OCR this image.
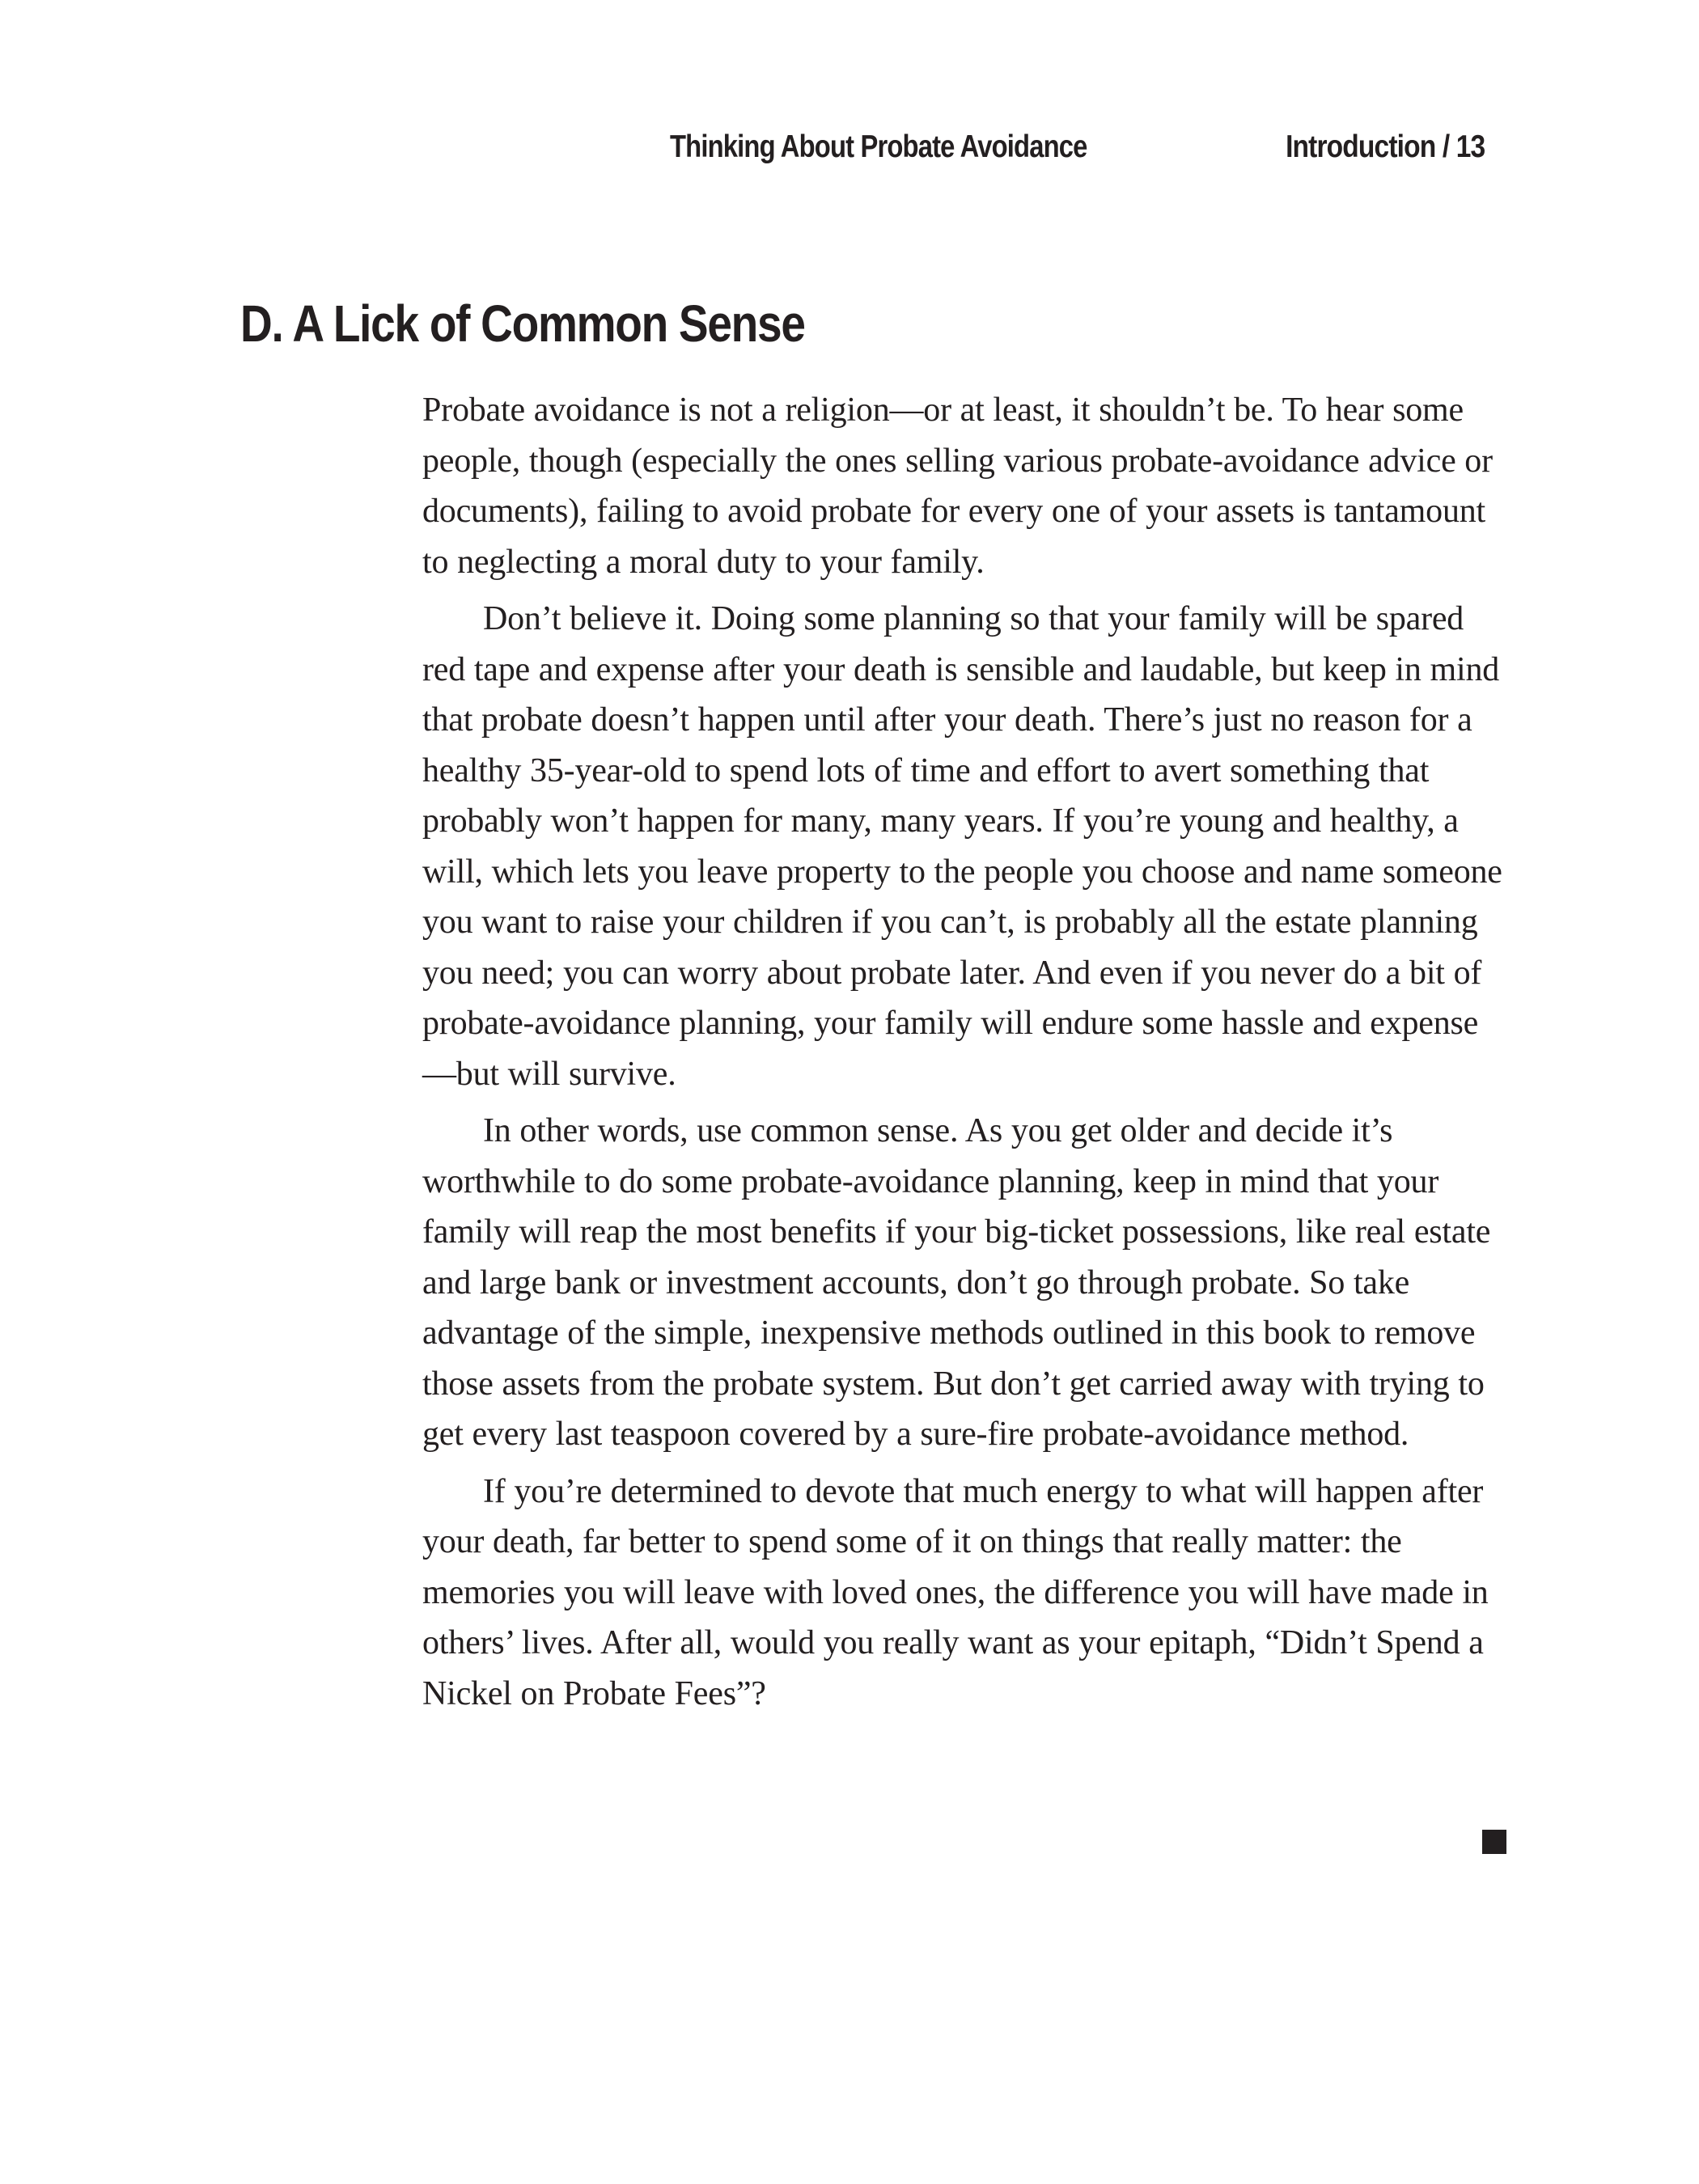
Thinking About Probate Avoidance	Introduction / 13
D. A Lick of Common Sense

Probate avoidance is not a religion—or at least, it shouldn’t be. To hear some people, though (especially the ones selling various probate-avoidance advice or documents), failing to avoid probate for every one of your assets is tantamount to neglecting a moral duty to your family.

Don’t believe it. Doing some planning so that your family will be spared red tape and expense after your death is sensible and laudable, but keep in mind that probate doesn’t happen until after your death. There’s just no reason for a healthy 35-year-old to spend lots of time and effort to avert something that probably won’t happen for many, many years. If you’re young and healthy, a will, which lets you leave property to the people you choose and name someone you want to raise your children if you can’t, is probably all the estate planning you need; you can worry about probate later. And even if you never do a bit of probate-avoidance planning, your family will endure some hassle and expense—but will survive.

In other words, use common sense. As you get older and decide it’s worthwhile to do some probate-avoidance planning, keep in mind that your family will reap the most benefits if your big-ticket possessions, like real estate and large bank or investment accounts, don’t go through probate. So take advantage of the simple, inexpensive methods outlined in this book to remove those assets from the probate system. But don’t get carried away with trying to get every last teaspoon covered by a sure-fire probate-avoidance method.

If you’re determined to devote that much energy to what will happen after your death, far better to spend some of it on things that really matter: the memories you will leave with loved ones, the difference you will have made in others’ lives. After all, would you really want as your epitaph, “Didn’t Spend a Nickel on Probate Fees”?
